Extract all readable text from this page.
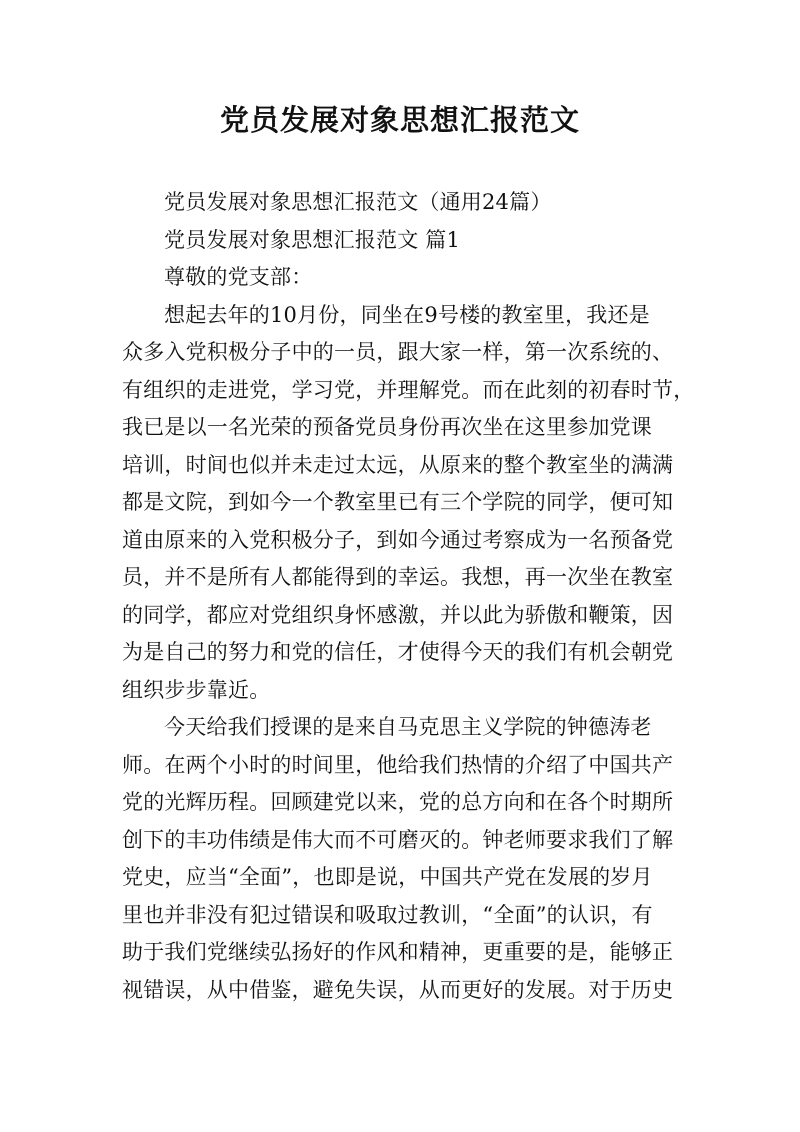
党员发展对象思想汇报范文
党员发展对象思想汇报范文（通用24篇）
党员发展对象思想汇报范文 篇1
尊敬的党支部：
想起去年的10月份，同坐在9号楼的教室里，我还是
众多入党积极分子中的一员，跟大家一样，第一次系统的、
有组织的走进党，学习党，并理解党。而在此刻的初春时节，
我已是以一名光荣的预备党员身份再次坐在这里参加党课
培训，时间也似并未走过太远，从原来的整个教室坐的满满
都是文院，到如今一个教室里已有三个学院的同学，便可知
道由原来的入党积极分子，到如今通过考察成为一名预备党
员，并不是所有人都能得到的幸运。我想，再一次坐在教室
的同学，都应对党组织身怀感激，并以此为骄傲和鞭策，因
为是自己的努力和党的信任，才使得今天的我们有机会朝党
组织步步靠近。
今天给我们授课的是来自马克思主义学院的钟德涛老
师。在两个小时的时间里，他给我们热情的介绍了中国共产
党的光辉历程。回顾建党以来，党的总方向和在各个时期所
创下的丰功伟绩是伟大而不可磨灭的。钟老师要求我们了解
党史，应当“全面”，也即是说，中国共产党在发展的岁月
里也并非没有犯过错误和吸取过教训，“全面”的认识，有
助于我们党继续弘扬好的作风和精神，更重要的是，能够正
视错误，从中借鉴，避免失误，从而更好的发展。对于历史
